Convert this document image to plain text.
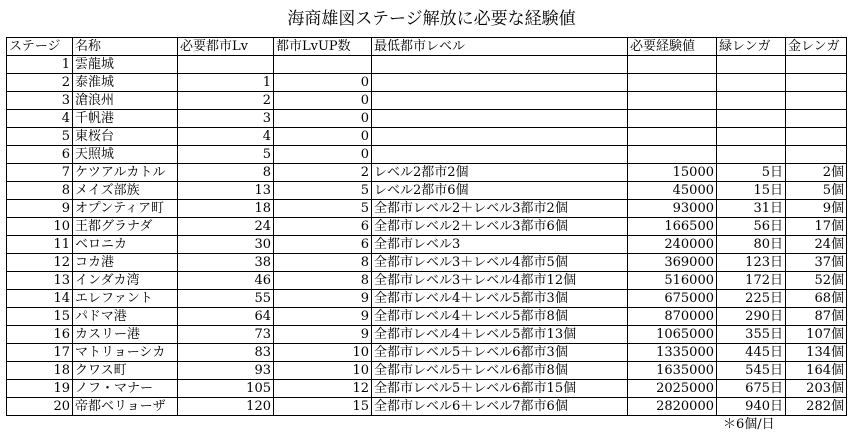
海商雄図ステージ解放に必要な経験値
ステージ	名称	必要都市Lv	都市LvUP数	最低都市レベル	必要経験値	緑レンガ	金レンガ
1	雲龍城						
2	泰淮城	1	0				
3	滄浪州	2	0				
4	千帆港	3	0				
5	東桜台	4	0				
6	天照城	5	0				
7	ケツアルカトル	8	2	レベル2都市2個	15000	5日	2個
8	メイズ部族	13	5	レベル2都市6個	45000	15日	5個
9	オプンティア町	18	5	全都市レベル2＋レベル3都市2個	93000	31日	9個
10	王都グラナダ	24	6	全都市レベル2＋レベル3都市6個	166500	56日	17個
11	ベロニカ	30	6	全都市レベル3	240000	80日	24個
12	コカ港	38	8	全都市レベル3＋レベル4都市5個	369000	123日	37個
13	インダカ湾	46	8	全都市レベル3＋レベル4都市12個	516000	172日	52個
14	エレファント	55	9	全都市レベル4＋レベル5都市3個	675000	225日	68個
15	パドマ港	64	9	全都市レベル4＋レベル5都市8個	870000	290日	87個
16	カスリー港	73	9	全都市レベル4＋レベル5都市13個	1065000	355日	107個
17	マトリョーシカ	83	10	全都市レベル5＋レベル6都市3個	1335000	445日	134個
18	クワス町	93	10	全都市レベル5＋レベル6都市8個	1635000	545日	164個
19	ノフ・マナー	105	12	全都市レベル5＋レベル6都市15個	2025000	675日	203個
20	帝都ベリョーザ	120	15	全都市レベル6＋レベル7都市6個	2820000	940日	282個
＊6個/日
